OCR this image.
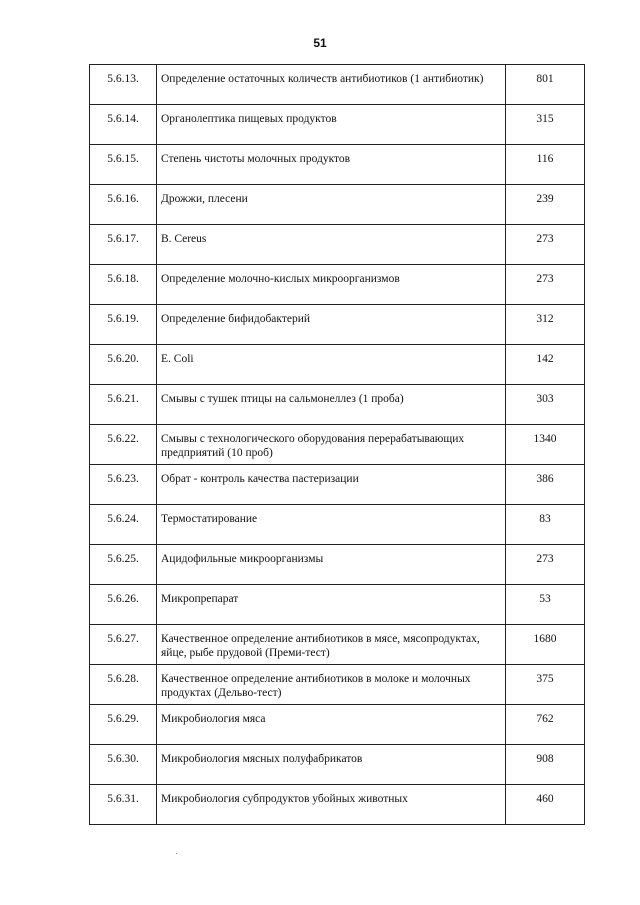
51
5.6.13.	Определение остаточных количеств антибиотиков (1 антибиотик)	801
5.6.14.	Органолептика пищевых продуктов	315
5.6.15.	Степень чистоты молочных продуктов	116
5.6.16.	Дрожжи, плесени	239
5.6.17.	B. Cereus	273
5.6.18.	Определение молочно-кислых микроорганизмов	273
5.6.19.	Определение бифидобактерий	312
5.6.20.	E. Coli	142
5.6.21.	Смывы с тушек птицы на сальмонеллез (1 проба)	303
5.6.22.	Смывы с технологического оборудования перерабатывающих предприятий (10 проб)	1340
5.6.23.	Обрат - контроль качества пастеризации	386
5.6.24.	Термостатирование	83
5.6.25.	Ацидофильные микроорганизмы	273
5.6.26.	Микропрепарат	53
5.6.27.	Качественное определение антибиотиков в мясе, мясопродуктах, яйце, рыбе прудовой (Преми-тест)	1680
5.6.28.	Качественное определение антибиотиков в молоке и молочных продуктах (Дельво-тест)	375
5.6.29.	Микробиология мяса	762
5.6.30.	Микробиология мясных полуфабрикатов	908
5.6.31.	Микробиология субпродуктов убойных животных	460
